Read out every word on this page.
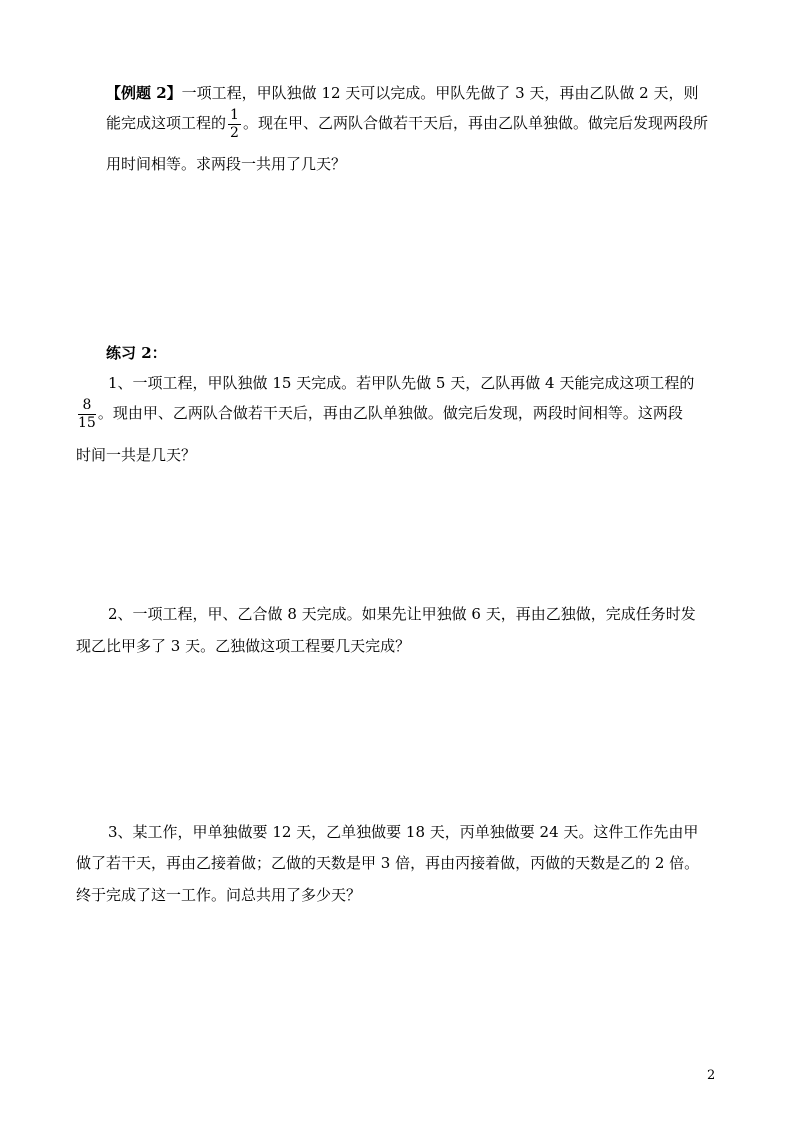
【例题 2】一项工程，甲队独做 12 天可以完成。甲队先做了 3 天，再由乙队做 2 天，则
能完成这项工程的 $\frac{1}{2}$ 。现在甲、乙两队合做若干天后，再由乙队单独做。做完后发现两段所
用时间相等。求两段一共用了几天？
练习 2：
1、一项工程，甲队独做 15 天完成。若甲队先做 5 天，乙队再做 4 天能完成这项工程的
$\frac{8}{15}$ 。现由甲、乙两队合做若干天后，再由乙队单独做。做完后发现，两段时间相等。这两段
时间一共是几天？
2、一项工程，甲、乙合做 8 天完成。如果先让甲独做 6 天，再由乙独做，完成任务时发
现乙比甲多了 3 天。乙独做这项工程要几天完成？
3、某工作，甲单独做要 12 天，乙单独做要 18 天，丙单独做要 24 天。这件工作先由甲
做了若干天，再由乙接着做；乙做的天数是甲 3 倍，再由丙接着做，丙做的天数是乙的 2 倍。
终于完成了这一工作。问总共用了多少天？
2
